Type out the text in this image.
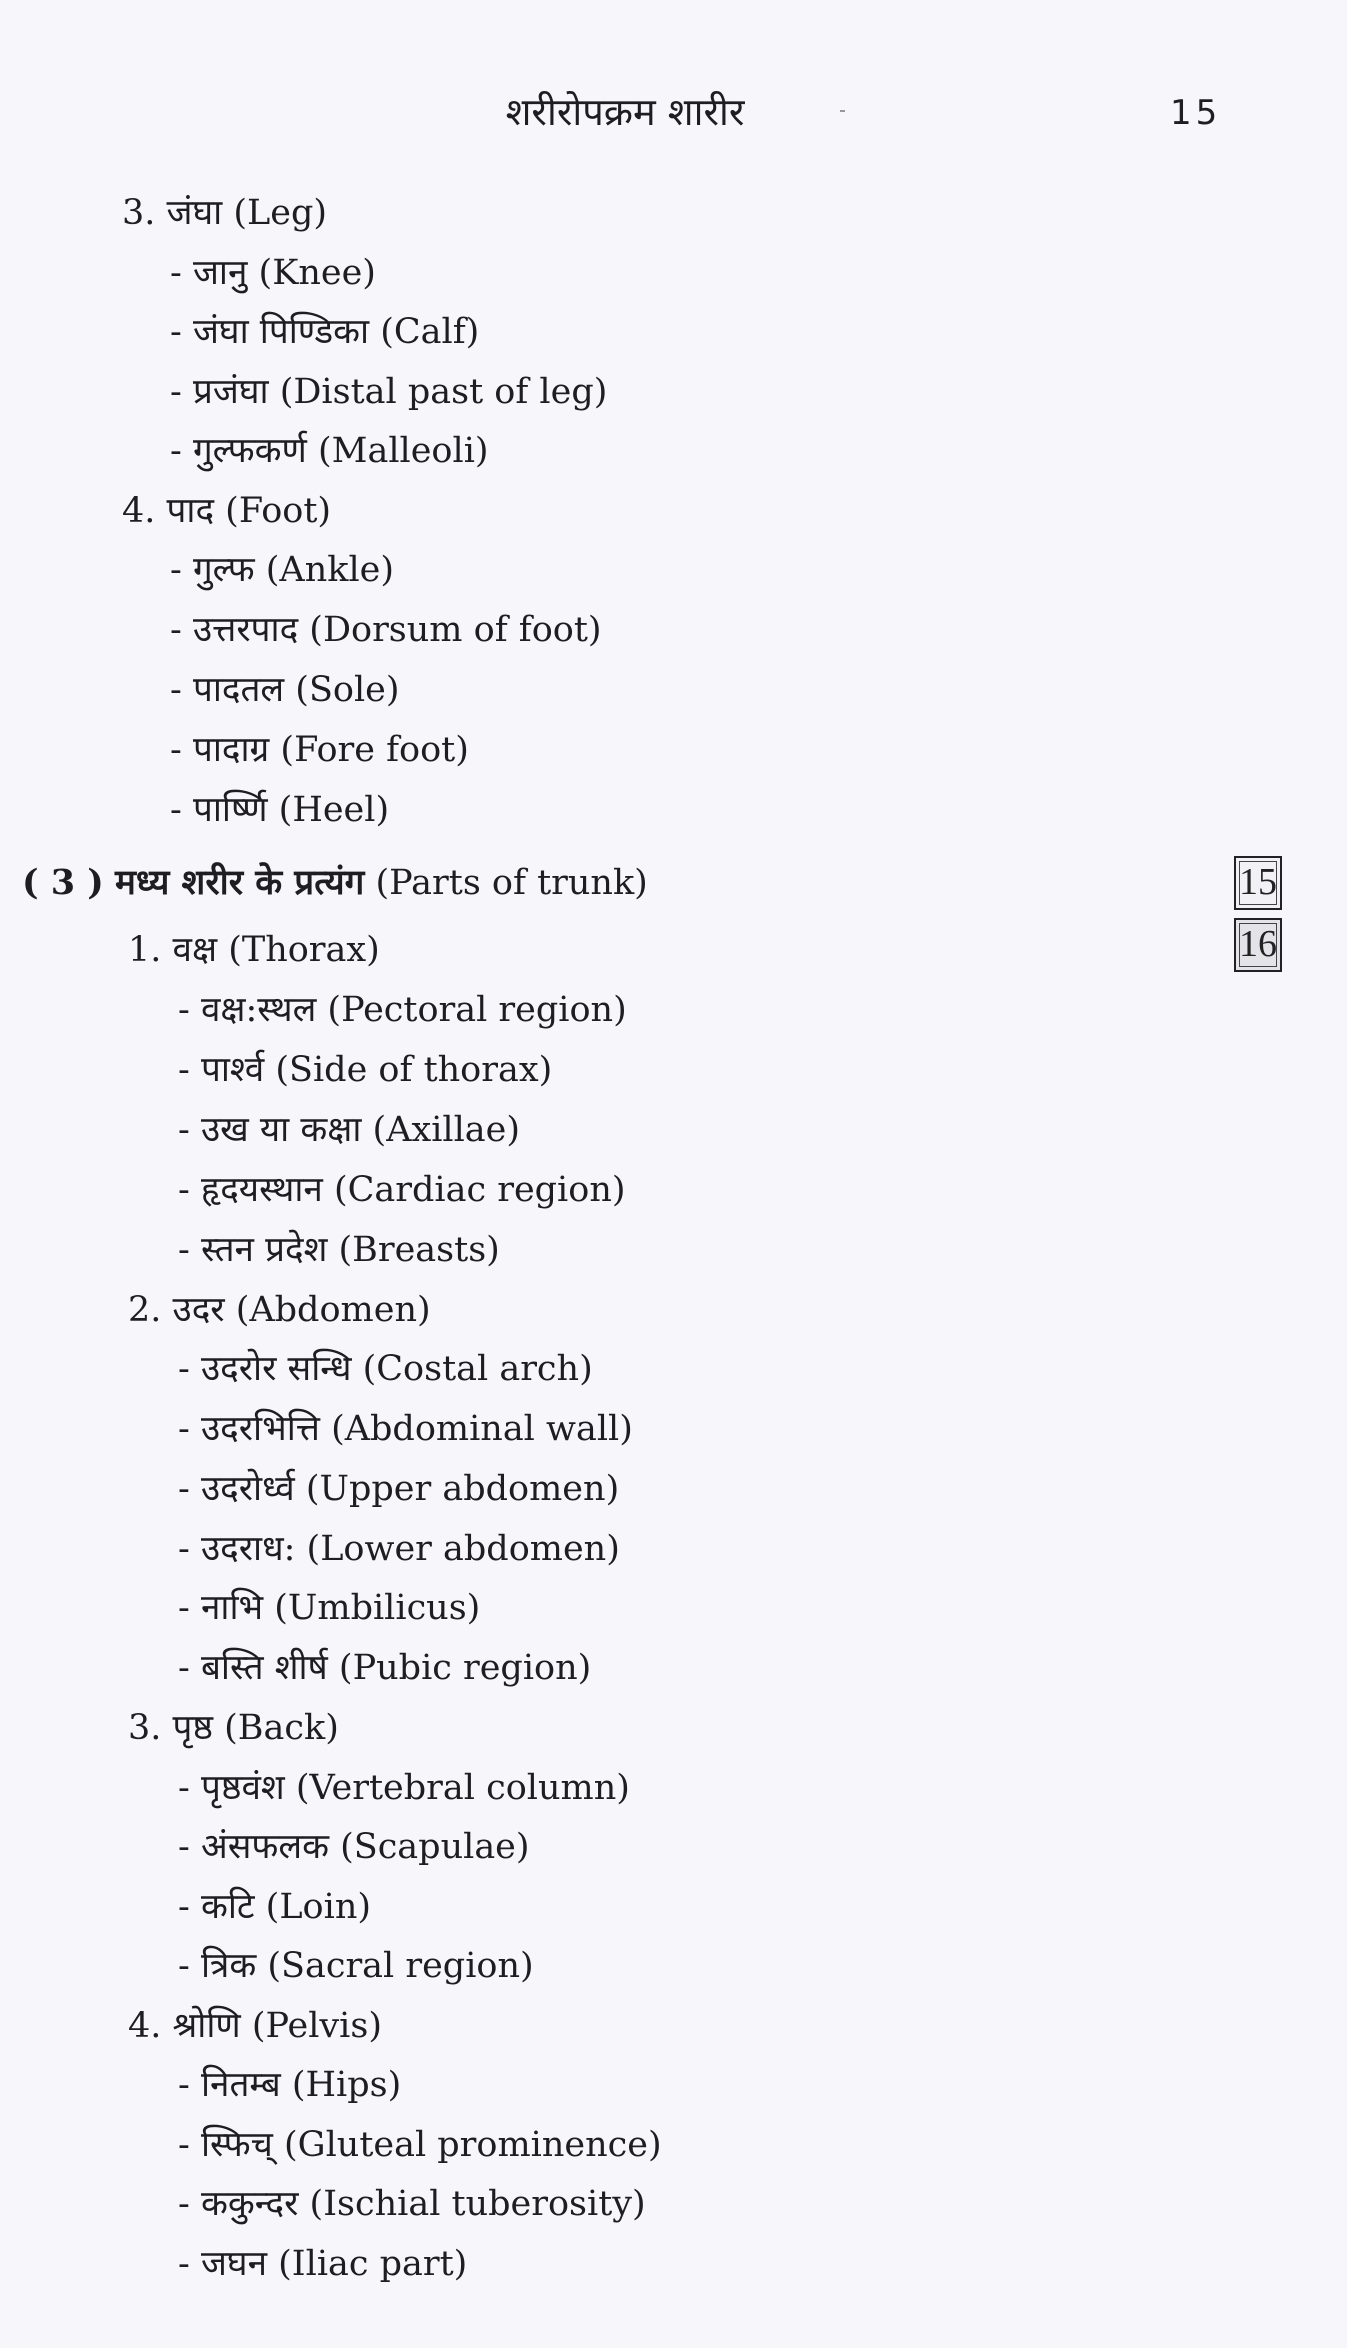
शरीरोपक्रम शारीर	15
3. जंघा (Leg)
- जानु (Knee)
- जंघा पिण्डिका (Calf)
- प्रजंघा (Distal past of leg)
- गुल्फकर्ण (Malleoli)
4. पाद (Foot)
- गुल्फ (Ankle)
- उत्तरपाद (Dorsum of foot)
- पादतल (Sole)
- पादाग्र (Fore foot)
- पार्ष्णि (Heel)
( 3 ) मध्य शरीर के प्रत्यंग (Parts of trunk)	15
16
1. वक्ष (Thorax)
- वक्ष:स्थल (Pectoral region)
- पार्श्व (Side of thorax)
- उख या कक्षा (Axillae)
- हृदयस्थान (Cardiac region)
- स्तन प्रदेश (Breasts)
2. उदर (Abdomen)
- उदरोर सन्धि (Costal arch)
- उदरभित्ति (Abdominal wall)
- उदरोर्ध्व (Upper abdomen)
- उदराध: (Lower abdomen)
- नाभि (Umbilicus)
- बस्ति शीर्ष (Pubic region)
3. पृष्ठ (Back)
- पृष्ठवंश (Vertebral column)
- अंसफलक (Scapulae)
- कटि (Loin)
- त्रिक (Sacral region)
4. श्रोणि (Pelvis)
- नितम्ब (Hips)
- स्फिच् (Gluteal prominence)
- ककुन्दर (Ischial tuberosity)
- जघन (Iliac part)
